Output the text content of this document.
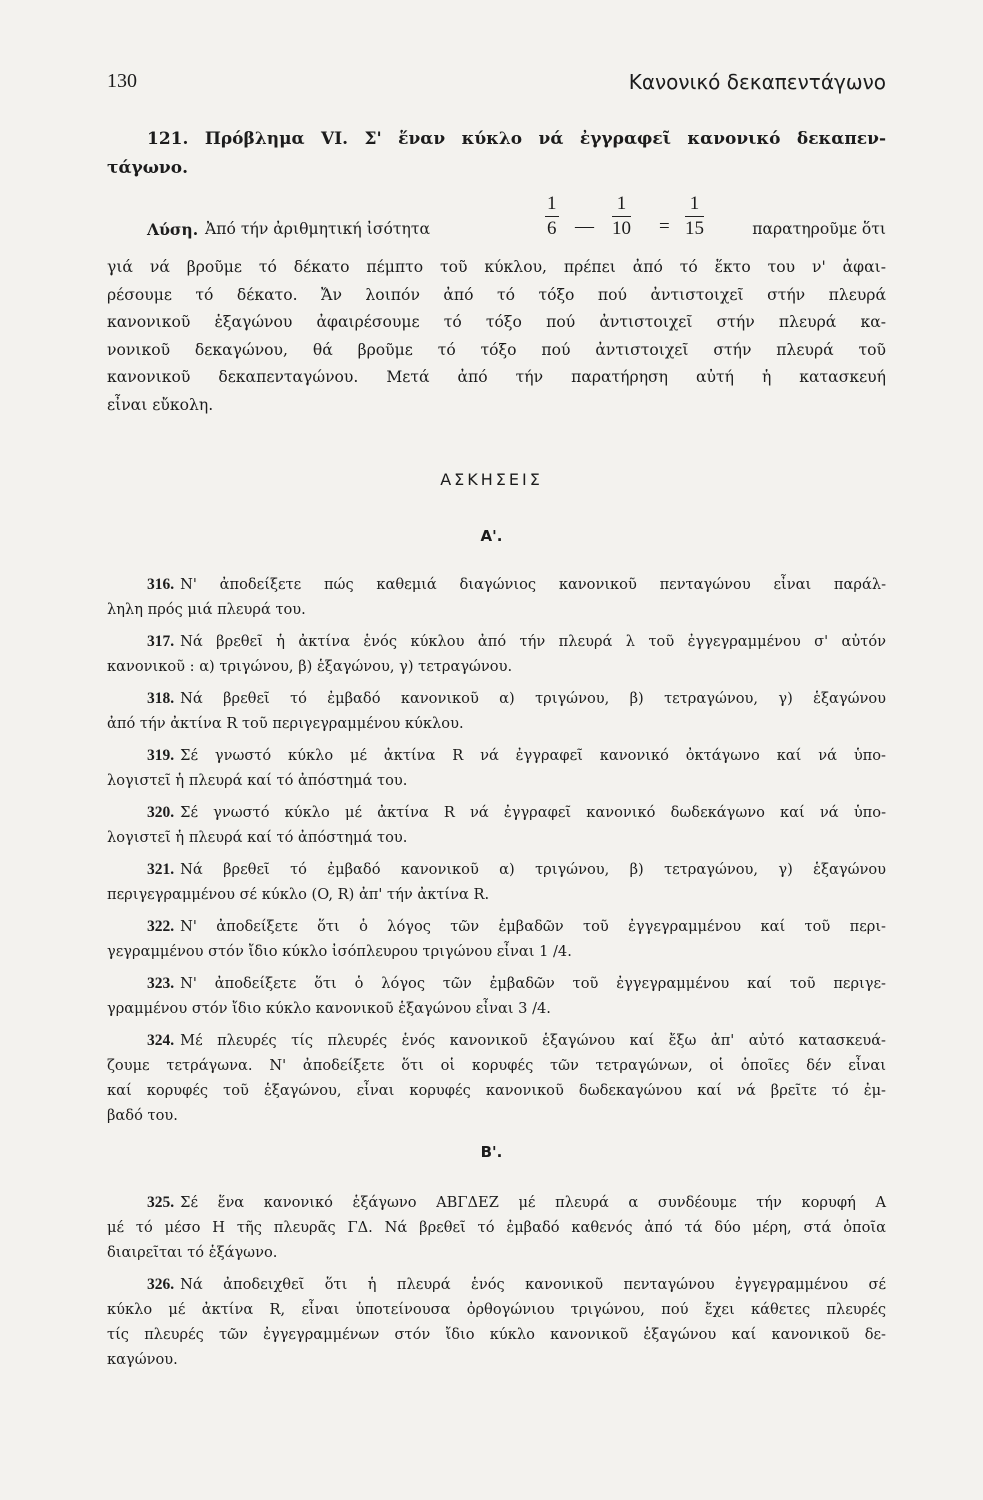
130	Κανονικό δεκαπεντάγωνο
121. Πρόβλημα VI. Σ' ἕναν κύκλο νά ἐγγραφεῖ κανονικό δεκαπεν-
τάγωνο.
Λύση. Ἀπό τήν ἀριθμητική ἰσότητα	$\frac{1}{6}$ — $\frac{1}{10} = \frac{1}{15}$	παρατηροῦμε ὅτι
γιά νά βροῦμε τό δέκατο πέμπτο τοῦ κύκλου, πρέπει ἀπό τό ἕκτο του ν' ἀφαι-
ρέσουμε τό δέκατο. Ἄν λοιπόν ἀπό τό τόξο πού ἀντιστοιχεῖ στήν πλευρά
κανονικοῦ ἑξαγώνου ἀφαιρέσουμε τό τόξο πού ἀντιστοιχεῖ στήν πλευρά κα-
νονικοῦ δεκαγώνου, θά βροῦμε τό τόξο πού ἀντιστοιχεῖ στήν πλευρά τοῦ
κανονικοῦ δεκαπενταγώνου. Μετά ἀπό τήν παρατήρηση αὐτή ἡ κατασκευή
εἶναι εὔκολη.
ΑΣΚΗΣΕΙΣ
Α'.
316. Ν' ἀποδείξετε πώς καθεμιά διαγώνιος κανονικοῦ πενταγώνου εἶναι παράλ-
ληλη πρός μιά πλευρά του.
317. Νά βρεθεῖ ἡ ἀκτίνα ἑνός κύκλου ἀπό τήν πλευρά λ τοῦ ἐγγεγραμμένου σ' αὐτόν
κανονικοῦ : α) τριγώνου, β) ἑξαγώνου, γ) τετραγώνου.
318. Νά βρεθεῖ τό ἐμβαδό κανονικοῦ α) τριγώνου, β) τετραγώνου, γ) ἑξαγώνου
ἀπό τήν ἀκτίνα R τοῦ περιγεγραμμένου κύκλου.
319. Σέ γνωστό κύκλο μέ ἀκτίνα R νά ἐγγραφεῖ κανονικό ὀκτάγωνο καί νά ὑπο-
λογιστεῖ ἡ πλευρά καί τό ἀπόστημά του.
320. Σέ γνωστό κύκλο μέ ἀκτίνα R νά ἐγγραφεῖ κανονικό δωδεκάγωνο καί νά ὑπο-
λογιστεῖ ἡ πλευρά καί τό ἀπόστημά του.
321. Νά βρεθεῖ τό ἐμβαδό κανονικοῦ α) τριγώνου, β) τετραγώνου, γ) ἑξαγώνου
περιγεγραμμένου σέ κύκλο (O, R) ἀπ' τήν ἀκτίνα R.
322. Ν' ἀποδείξετε ὅτι ὁ λόγος τῶν ἐμβαδῶν τοῦ ἐγγεγραμμένου καί τοῦ περι-
γεγραμμένου στόν ἴδιο κύκλο ἰσόπλευρου τριγώνου εἶναι 1 /4.
323. Ν' ἀποδείξετε ὅτι ὁ λόγος τῶν ἐμβαδῶν τοῦ ἐγγεγραμμένου καί τοῦ περιγε-
γραμμένου στόν ἴδιο κύκλο κανονικοῦ ἑξαγώνου εἶναι 3 /4.
324. Μέ πλευρές τίς πλευρές ἑνός κανονικοῦ ἑξαγώνου καί ἔξω ἀπ' αὐτό κατασκευά-
ζουμε τετράγωνα. Ν' ἀποδείξετε ὅτι οἱ κορυφές τῶν τετραγώνων, οἱ ὁποῖες δέν εἶναι
καί κορυφές τοῦ ἑξαγώνου, εἶναι κορυφές κανονικοῦ δωδεκαγώνου καί νά βρεῖτε τό ἐμ-
βαδό του.
Β'.
325. Σέ ἕνα κανονικό ἑξάγωνο ΑΒΓΔΕΖ μέ πλευρά α συνδέουμε τήν κορυφή Α
μέ τό μέσο Η τῆς πλευρᾶς ΓΔ. Νά βρεθεῖ τό ἐμβαδό καθενός ἀπό τά δύο μέρη, στά ὁποῖα
διαιρεῖται τό ἑξάγωνο.
326. Νά ἀποδειχθεῖ ὅτι ἡ πλευρά ἑνός κανονικοῦ πενταγώνου ἐγγεγραμμένου σέ
κύκλο μέ ἀκτίνα R, εἶναι ὑποτείνουσα ὀρθογώνιου τριγώνου, πού ἔχει κάθετες πλευρές
τίς πλευρές τῶν ἐγγεγραμμένων στόν ἴδιο κύκλο κανονικοῦ ἑξαγώνου καί κανονικοῦ δε-
καγώνου.
